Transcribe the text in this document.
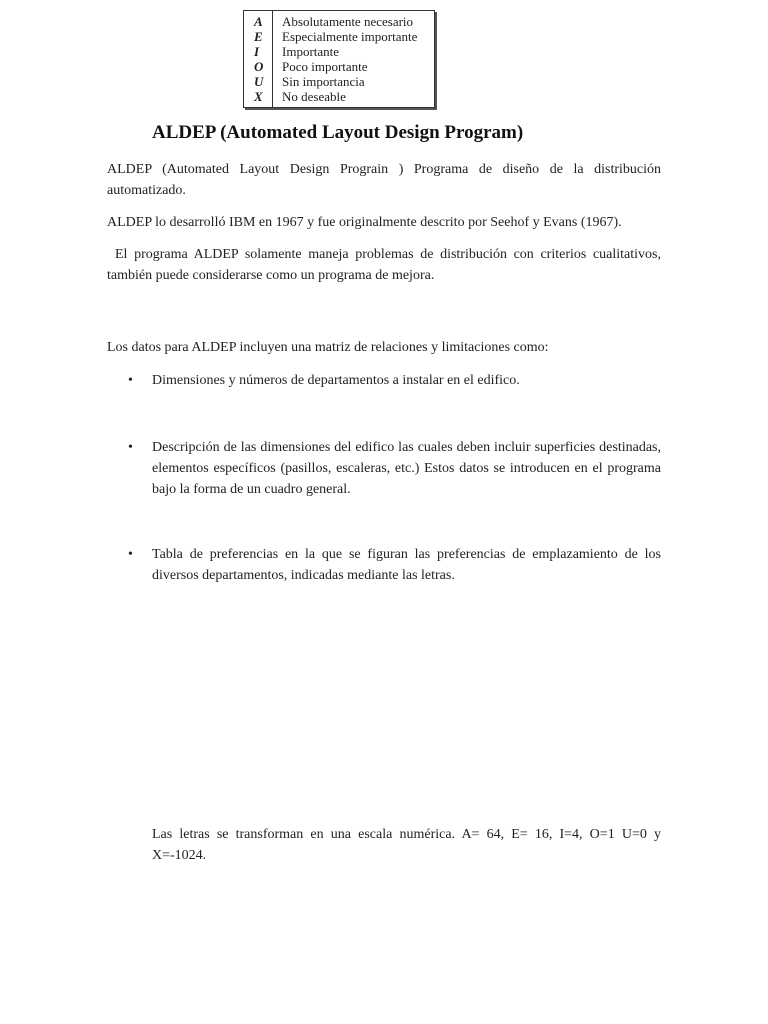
A	Absolutamente necesario
E	Especialmente importante
I	Importante
O	Poco importante
U	Sin importancia
X	No deseable
ALDEP (Automated Layout Design Program)
ALDEP (Automated Layout Design Prograin ) Programa de diseño de la distribución automatizado.
ALDEP lo desarrolló IBM en 1967 y fue originalmente descrito por Seehof y Evans (1967).
El programa ALDEP solamente maneja problemas de distribución con criterios cualitativos, también puede considerarse como un programa de mejora.
Los datos para ALDEP incluyen una matriz de relaciones y limitaciones como:
• Dimensiones y números de departamentos a instalar en el edifico.
• Descripción de las dimensiones del edifico las cuales deben incluir superficies destinadas, elementos específicos (pasillos, escaleras, etc.) Estos datos se introducen en el programa bajo la forma de un cuadro general.
• Tabla de preferencias en la que se figuran las preferencias de emplazamiento de los diversos departamentos, indicadas mediante las letras.
Las letras se transforman en una escala numérica. A= 64, E= 16, I=4, O=1 U=0 y X=-1024.
